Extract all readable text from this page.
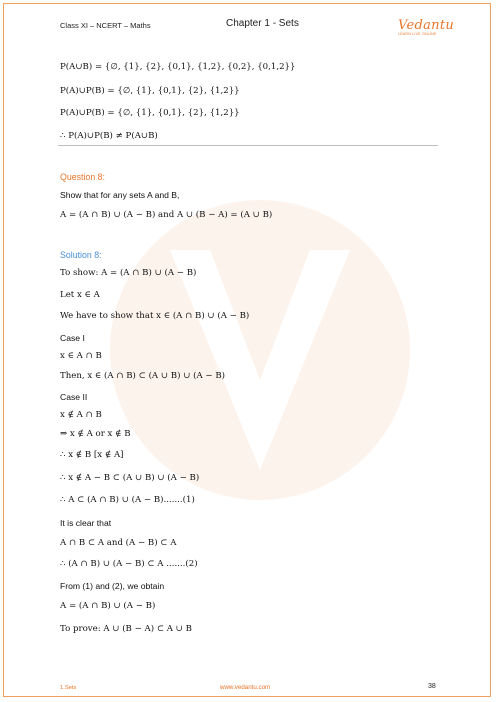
Class XI – NCERT – Maths	Chapter 1 - Sets	Vedantu
LEARN LIVE ONLINE
P(A∪B) = {∅, {1}, {2}, {0,1}, {1,2}, {0,2}, {0,1,2}}
P(A)∪P(B) = {∅, {1}, {0,1}, {2}, {1,2}}
P(A)∪P(B) = {∅, {1}, {0,1}, {2}, {1,2}}
∴ P(A)∪P(B) ≠ P(A∪B)
Question 8:
Show that for any sets A and B,
A = (A ∩ B) ∪ (A − B) and A ∪ (B − A) = (A ∪ B)
Solution 8:
To show: A = (A ∩ B) ∪ (A − B)
Let x ∈ A
We have to show that x ∈ (A ∩ B) ∪ (A − B)
Case I
x ∈ A ∩ B
Then, x ∈ (A ∩ B) ⊂ (A ∪ B) ∪ (A − B)
Case II
x ∉ A ∩ B
⇒ x ∉ A or x ∉ B
∴ x ∉ B [x ∉ A]
∴ x ∉ A − B ⊂ (A ∪ B) ∪ (A − B)
∴ A ⊂ (A ∩ B) ∪ (A − B).......(1)
It is clear that
A ∩ B ⊂ A and (A − B) ⊂ A
∴ (A ∩ B) ∪ (A − B) ⊂ A .......(2)
From (1) and (2), we obtain
A = (A ∩ B) ∪ (A − B)
To prove: A ∪ (B − A) ⊂ A ∪ B
1.Sets	www.vedantu.com	38
